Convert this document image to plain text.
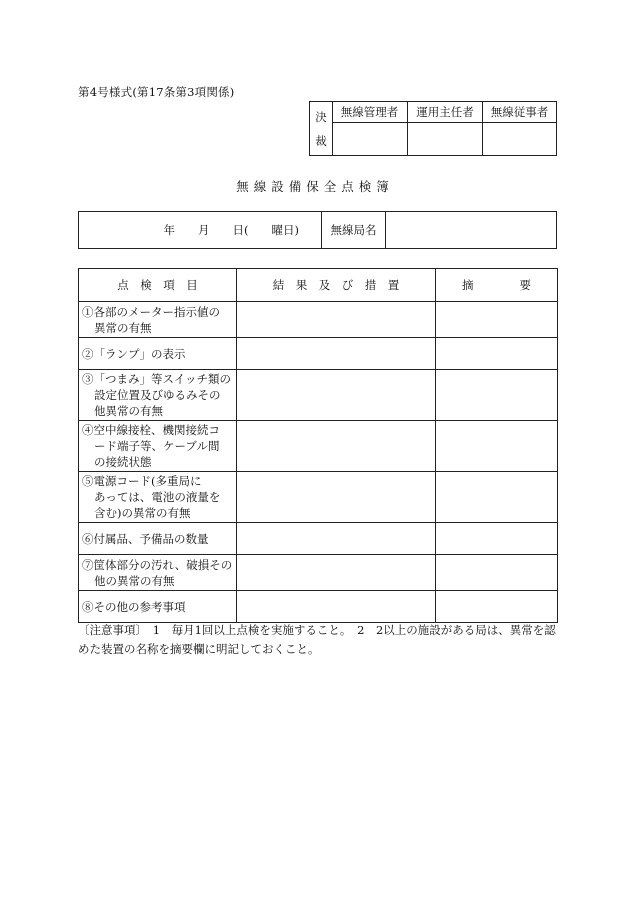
第4号様式(第17条第3項関係)
決
裁
無線管理者	運用主任者	無線従事者
無線設備保全点検簿
年　　月　　日(　　曜日)	無線局名
点　検　項　目	結　果　及　び　措　置	摘　　　　要

①各部のメーター指示値の
異常の有無		

②「ランプ」の表示		

③「つまみ」等スイッチ類の
設定位置及びゆるみその
他異常の有無		

④空中線接栓、機関接続コ
ード端子等、ケーブル間
の接続状態		

⑤電源コード(多重局に
あっては、電池の液量を
含む)の異常の有無		

⑥付属品、予備品の数量		

⑦筐体部分の汚れ、破損その
他の異常の有無		

⑧その他の参考事項		

〔注意事項〕　1　毎月1回以上点検を実施すること。　2　2以上の施設がある局は、異常を認めた装置の名称を摘要欄に明記しておくこと。
